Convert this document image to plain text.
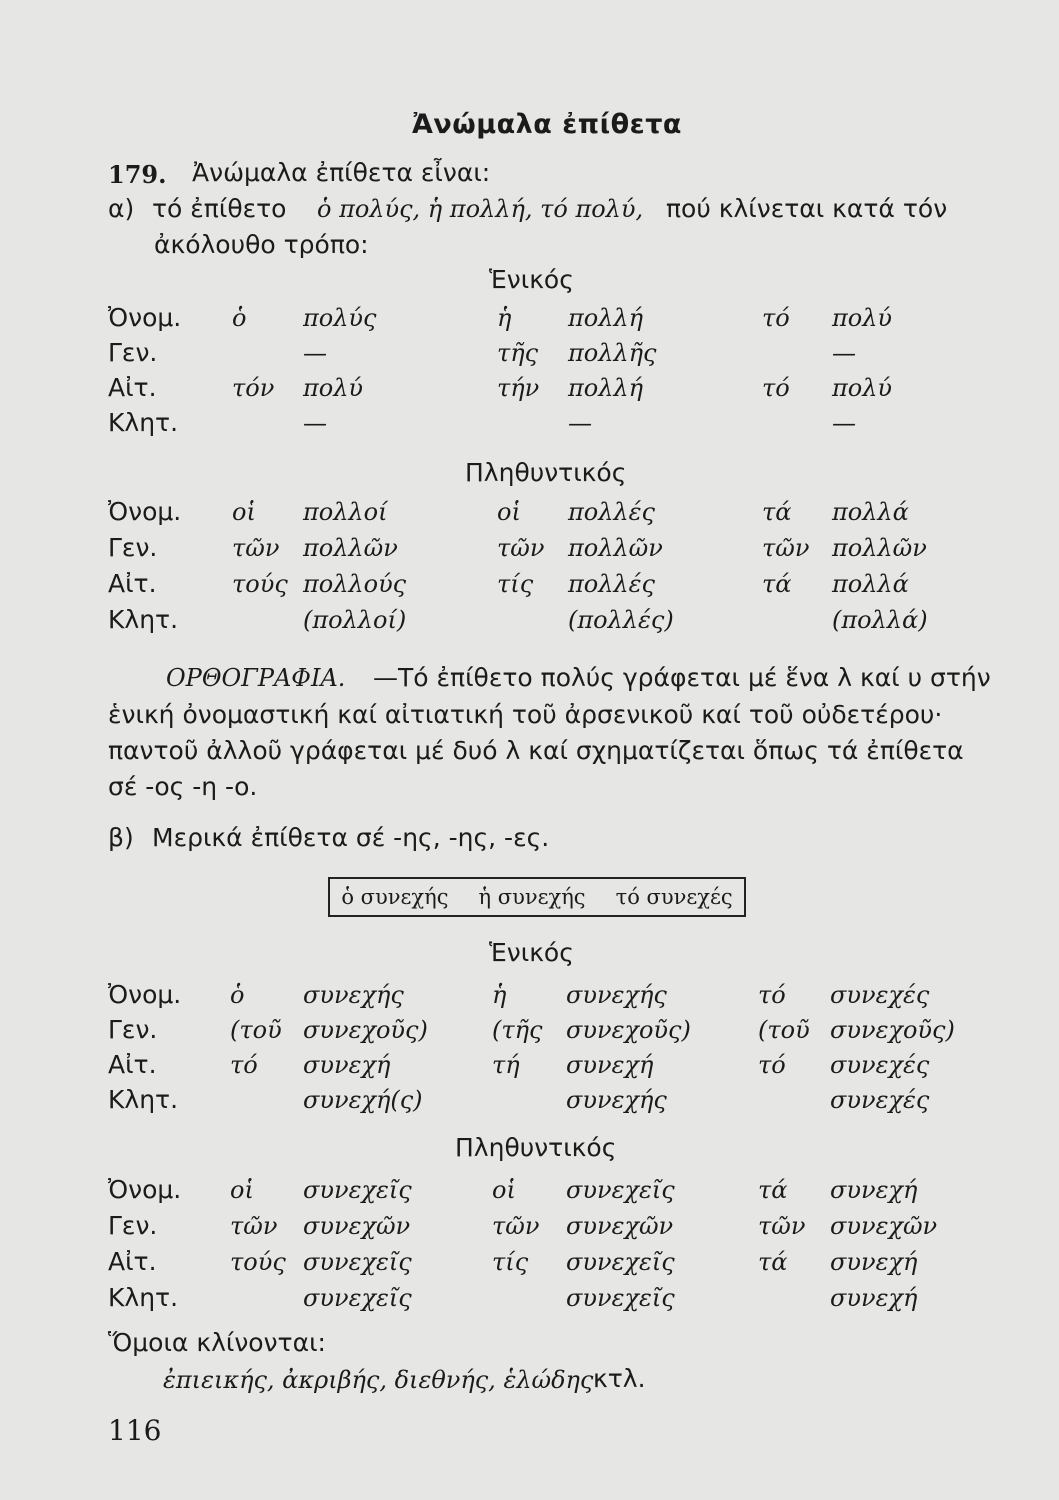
Ἀνώμαλα ἐπίθετα
179. Ἀνώμαλα ἐπίθετα εἶναι:
α) τό ἐπίθετο ὁ πολύς, ἡ πολλή, τό πολύ, πού κλίνεται κατά τόν
ἀκόλουθο τρόπο:
Ἑνικός
Πληθυντικός
ΟΡΘΟΓΡΑΦΙΑ. —Τό ἐπίθετο πολύς γράφεται μέ ἕνα λ καί υ στήν
ἑνική ὀνομαστική καί αἰτιατική τοῦ ἀρσενικοῦ καί τοῦ οὐδετέρου·
παντοῦ ἀλλοῦ γράφεται μέ δυό λ καί σχηματίζεται ὅπως τά ἐπίθετα
σέ -ος -η -ο.
β) Μερικά ἐπίθετα σέ -ης, -ης, -ες.
ὁ συνεχής ἡ συνεχής τό συνεχές
Ἑνικός
Πληθυντικός
Ὅμοια κλίνονται:
ἐπιεικής, ἀκριβής, διεθνής, ἑλώδης κτλ.
116
Ὀνομ. ὁ πολύς	ἡ πολλή	τό πολύ
Γεν.	—	τῆς πολλῆς	—
Αἰτ.	τόν πολύ	τήν πολλή	τό πολύ
Κλητ.	—	—	—
Ὀνομ. οἱ πολλοί	οἱ πολλές	τά πολλά
Γεν.	τῶν πολλῶν	τῶν πολλῶν	τῶν πολλῶν
Αἰτ.	τούς πολλούς	τίς πολλές	τά πολλά
Κλητ.	(πολλοί)	(πολλές)	(πολλά)
Ὀνομ. ὁ συνεχής	ἡ συνεχής	τό συνεχές
Γεν.	(τοῦ συνεχοῦς)	(τῆς συνεχοῦς)	(τοῦ συνεχοῦς)
Αἰτ.	τό συνεχή	τή συνεχή	τό συνεχές
Κλητ.	συνεχή(ς)	συνεχής	συνεχές
Ὀνομ. οἱ συνεχεῖς	οἱ συνεχεῖς	τά συνεχή
Γεν.	τῶν συνεχῶν	τῶν συνεχῶν	τῶν συνεχῶν
Αἰτ.	τούς συνεχεῖς	τίς συνεχεῖς	τά συνεχή
Κλητ.	συνεχεῖς	συνεχεῖς	συνεχή
